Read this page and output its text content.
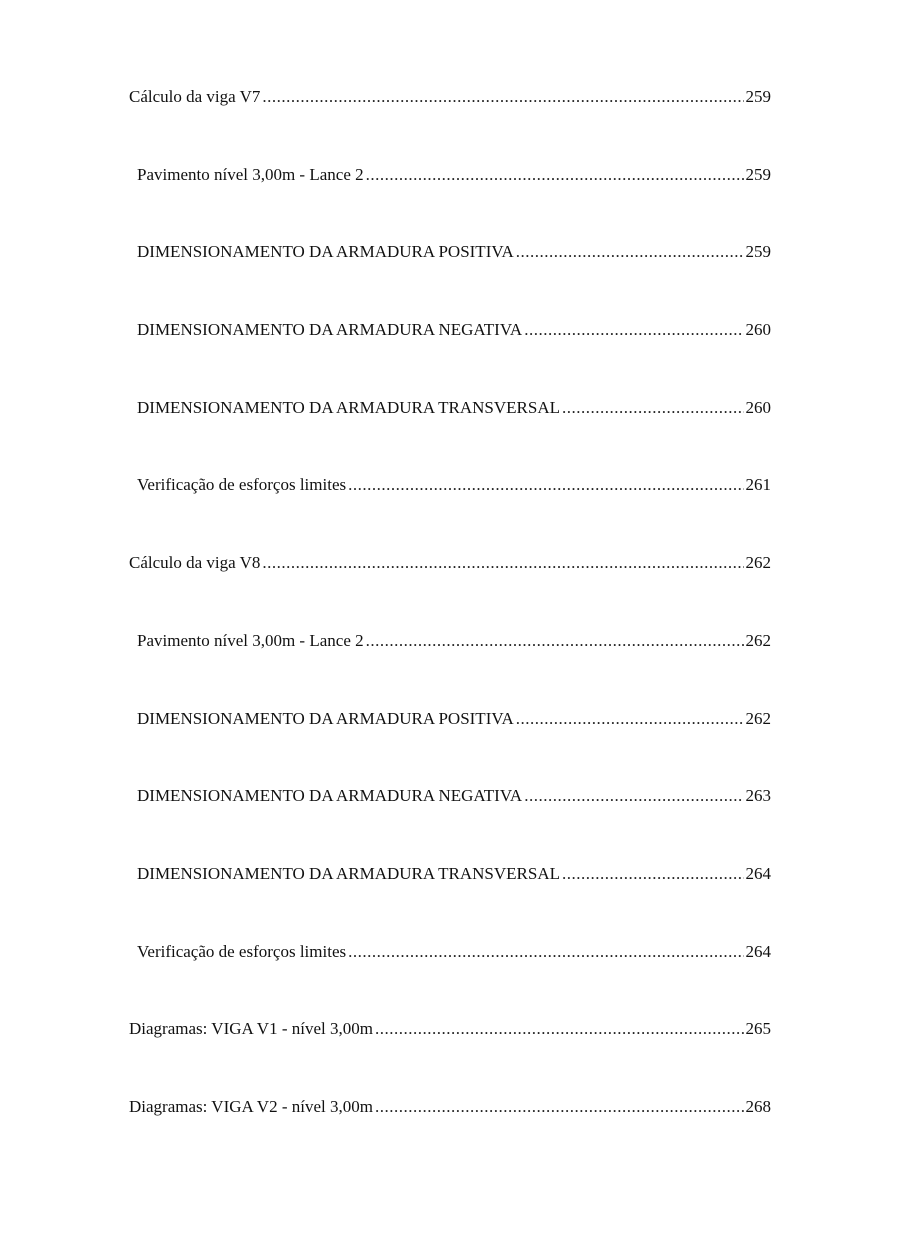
Cálculo da viga V7 .....	259
Pavimento nível 3,00m - Lance 2 .....	259
DIMENSIONAMENTO DA ARMADURA POSITIVA .....	259
DIMENSIONAMENTO DA ARMADURA NEGATIVA .....	260
DIMENSIONAMENTO DA ARMADURA TRANSVERSAL .....	260
Verificação de esforços limites .....	261
Cálculo da viga V8 .....	262
Pavimento nível 3,00m - Lance 2 .....	262
DIMENSIONAMENTO DA ARMADURA POSITIVA .....	262
DIMENSIONAMENTO DA ARMADURA NEGATIVA .....	263
DIMENSIONAMENTO DA ARMADURA TRANSVERSAL .....	264
Verificação de esforços limites .....	264
Diagramas: VIGA V1 - nível 3,00m .....	265
Diagramas: VIGA V2 - nível 3,00m .....	268
